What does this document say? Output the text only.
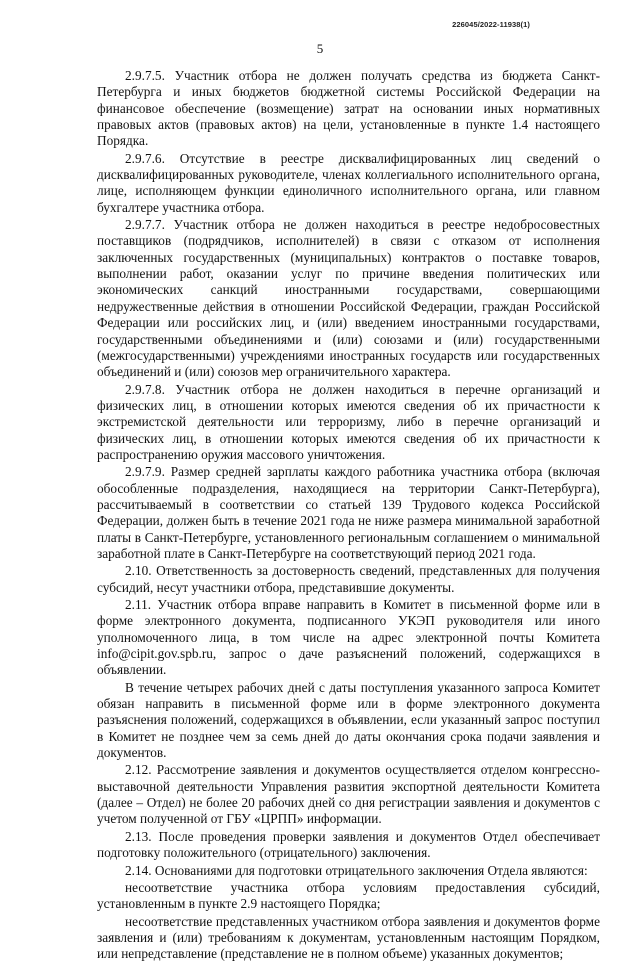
226045/2022-11938(1)
5

2.9.7.5. Участник отбора не должен получать средства из бюджета Санкт-Петербурга и иных бюджетов бюджетной системы Российской Федерации на финансовое обеспечение (возмещение) затрат на основании иных нормативных правовых актов (правовых актов) на цели, установленные в пункте 1.4 настоящего Порядка.

2.9.7.6. Отсутствие в реестре дисквалифицированных лиц сведений о дисквалифицированных руководителе, членах коллегиального исполнительного органа, лице, исполняющем функции единоличного исполнительного органа, или главном бухгалтере участника отбора.

2.9.7.7. Участник отбора не должен находиться в реестре недобросовестных поставщиков (подрядчиков, исполнителей) в связи с отказом от исполнения заключенных государственных (муниципальных) контрактов о поставке товаров, выполнении работ, оказании услуг по причине введения политических или экономических санкций иностранными государствами, совершающими недружественные действия в отношении Российской Федерации, граждан Российской Федерации или российских лиц, и (или) введением иностранными государствами, государственными объединениями и (или) союзами и (или) государственными (межгосударственными) учреждениями иностранных государств или государственных объединений и (или) союзов мер ограничительного характера.

2.9.7.8. Участник отбора не должен находиться в перечне организаций и физических лиц, в отношении которых имеются сведения об их причастности к экстремистской деятельности или терроризму, либо в перечне организаций и физических лиц, в отношении которых имеются сведения об их причастности к распространению оружия массового уничтожения.

2.9.7.9. Размер средней зарплаты каждого работника участника отбора (включая обособленные подразделения, находящиеся на территории Санкт-Петербурга), рассчитываемый в соответствии со статьей 139 Трудового кодекса Российской Федерации, должен быть в течение 2021 года не ниже размера минимальной заработной платы в Санкт-Петербурге, установленного региональным соглашением о минимальной заработной плате в Санкт-Петербурге на соответствующий период 2021 года.

2.10. Ответственность за достоверность сведений, представленных для получения субсидий, несут участники отбора, представившие документы.

2.11. Участник отбора вправе направить в Комитет в письменной форме или в форме электронного документа, подписанного УКЭП руководителя или иного уполномоченного лица, в том числе на адрес электронной почты Комитета info@cipit.gov.spb.ru, запрос о даче разъяснений положений, содержащихся в объявлении.

В течение четырех рабочих дней с даты поступления указанного запроса Комитет обязан направить в письменной форме или в форме электронного документа разъяснения положений, содержащихся в объявлении, если указанный запрос поступил в Комитет не позднее чем за семь дней до даты окончания срока подачи заявления и документов.

2.12. Рассмотрение заявления и документов осуществляется отделом конгрессно-выставочной деятельности Управления развития экспортной деятельности Комитета (далее – Отдел) не более 20 рабочих дней со дня регистрации заявления и документов с учетом полученной от ГБУ «ЦРПП» информации.

2.13. После проведения проверки заявления и документов Отдел обеспечивает подготовку положительного (отрицательного) заключения.

2.14. Основаниями для подготовки отрицательного заключения Отдела являются:

несоответствие участника отбора условиям предоставления субсидий, установленным в пункте 2.9 настоящего Порядка;

несоответствие представленных участником отбора заявления и документов форме заявления и (или) требованиям к документам, установленным настоящим Порядком, или непредставление (представление не в полном объеме) указанных документов;
